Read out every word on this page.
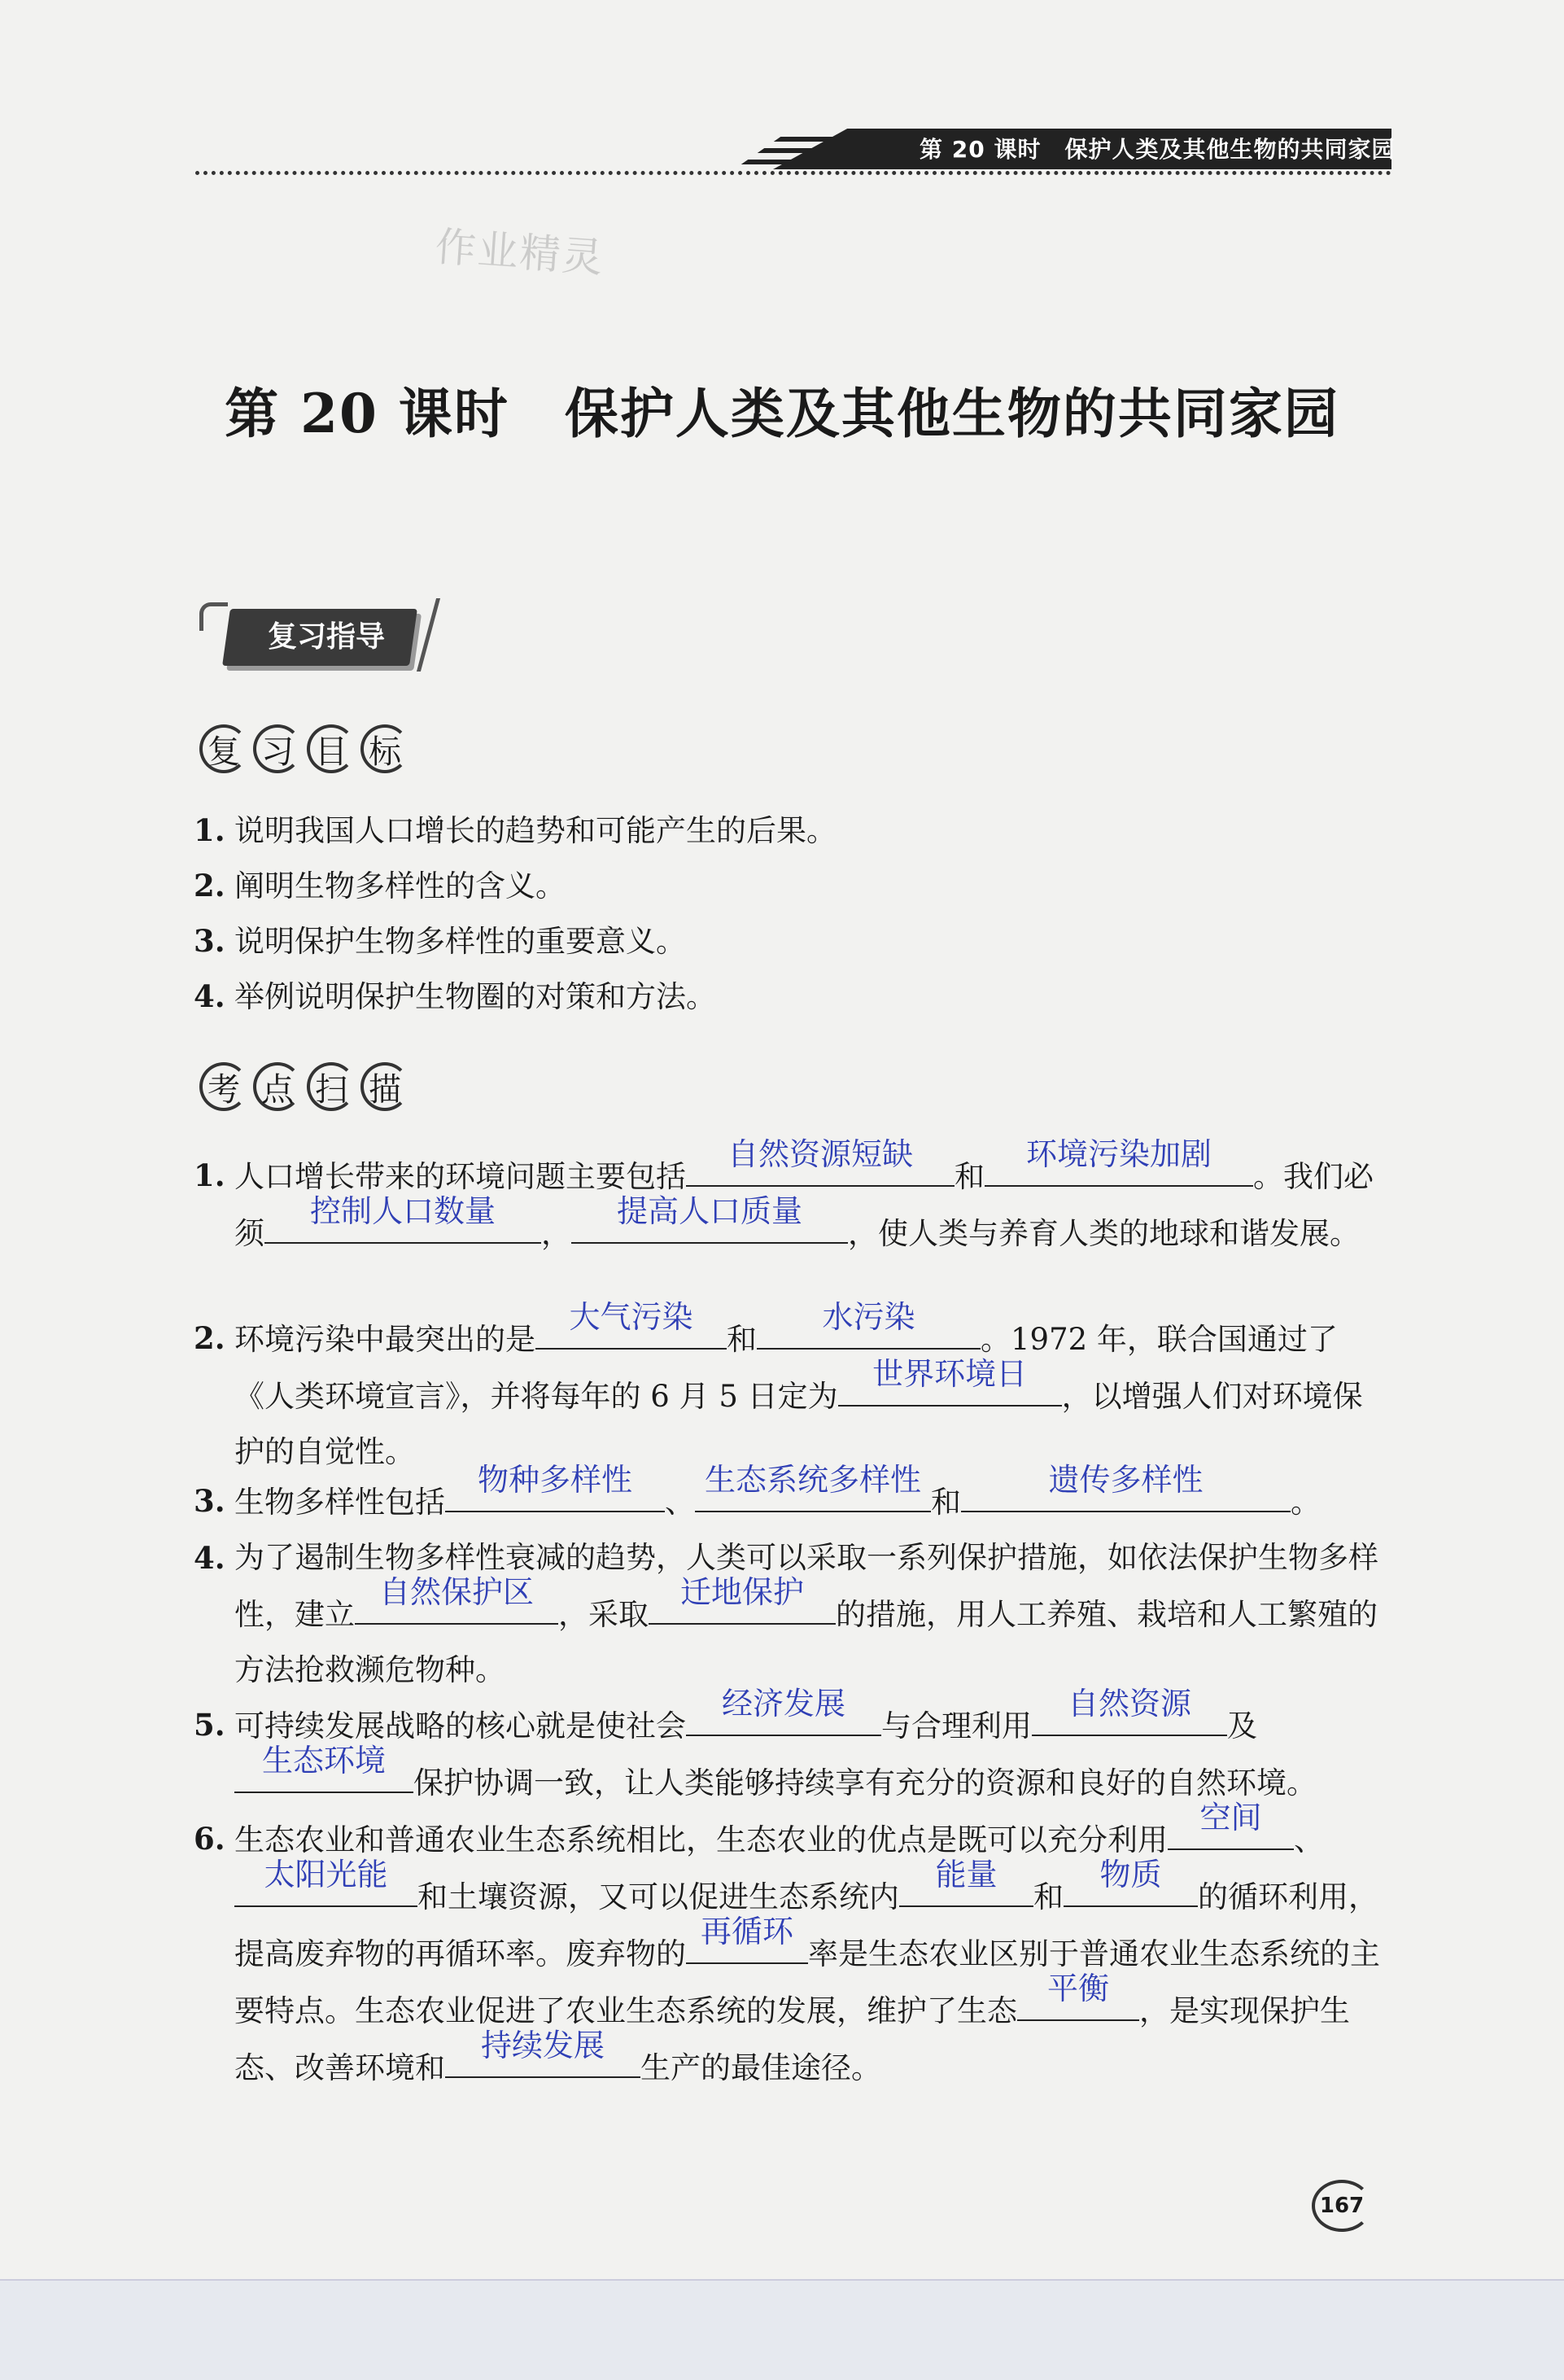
第 20 课时　保护人类及其他生物的共同家园
作业精灵
第 20 课时　保护人类及其他生物的共同家园
复习指导
复 习 目 标
1. 说明我国人口增长的趋势和可能产生的后果。
2. 阐明生物多样性的含义。
3. 说明保护生物多样性的重要意义。
4. 举例说明保护生物圈的对策和方法。
考 点 扫 描
1. 人口增长带来的环境问题主要包括
自然资源短缺
和
环境污染加剧
。我们必须
控制人口数量
，
提高人口质量
，使人类与养育人类的地球和谐发展。
2. 环境污染中最突出的是
大气污染
和
水污染
。1972 年，联合国通过了《人类环境宣言》，并将每年的 6 月 5 日定为
世界环境日
，以增强人们对环境保护的自觉性。
3. 生物多样性包括
物种多样性
、
生态系统多样性
和
遗传多样性
。
4. 为了遏制生物多样性衰减的趋势，人类可以采取一系列保护措施，如依法保护生物多样性，建立
自然保护区
，采取
迁地保护
的措施，用人工养殖、栽培和人工繁殖的方法抢救濒危物种。
5. 可持续发展战略的核心就是使社会
经济发展
与合理利用
自然资源
及
生态环境
保护协调一致，让人类能够持续享有充分的资源和良好的自然环境。
6. 生态农业和普通农业生态系统相比，生态农业的优点是既可以充分利用
空间
、
太阳光能
和土壤资源，又可以促进生态系统内
能量
和
物质
的循环利用，提高废弃物的再循环率。废弃物的
再循环
率是生态农业区别于普通农业生态系统的主要特点。生态农业促进了农业生态系统的发展，维护了生态
平衡
，是实现保护生态、改善环境和
持续发展
生产的最佳途径。
167
